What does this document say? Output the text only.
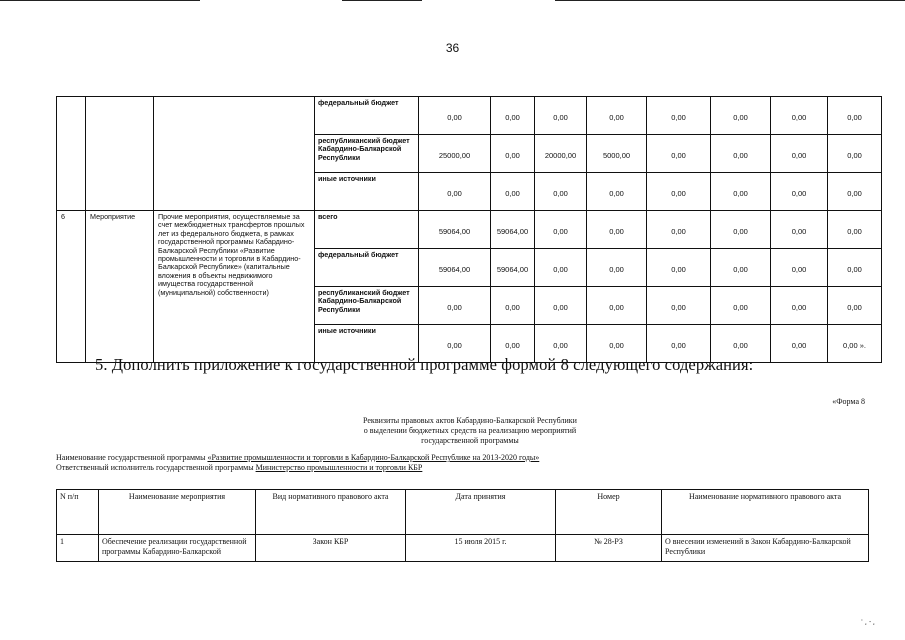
36
			федеральный бюджет	0,00	0,00	0,00	0,00	0,00	0,00	0,00	0,00
			республиканский бюджет Кабардино-Балкарской Республики	25000,00	0,00	20000,00	5000,00	0,00	0,00	0,00	0,00
			иные источники	0,00	0,00	0,00	0,00	0,00	0,00	0,00	0,00
6	Мероприятие	Прочие мероприятия, осуществляемые за счет межбюджетных трансфертов прошлых лет из федерального бюджета, в рамках государственной программы Кабардино-Балкарской Республики «Развитие промышленности и торговли в Кабардино-Балкарской Республике» (капитальные вложения в объекты недвижимого имущества государственной (муниципальной) собственности)	всего	59064,00	59064,00	0,00	0,00	0,00	0,00	0,00	0,00
			федеральный бюджет	59064,00	59064,00	0,00	0,00	0,00	0,00	0,00	0,00
			республиканский бюджет Кабардино-Балкарской Республики	0,00	0,00	0,00	0,00	0,00	0,00	0,00	0,00
			иные источники	0,00	0,00	0,00	0,00	0,00	0,00	0,00	0,00 ».
5. Дополнить приложение к государственной программе формой 8 следующего содержания:
«Форма 8
Реквизиты правовых актов Кабардино-Балкарской Республики
о выделении бюджетных средств на реализацию мероприятий
государственной программы
Наименование государственной программы «Развитие промышленности и торговли в Кабардино-Балкарской Республике на 2013-2020 годы»
Ответственный исполнитель государственной программы Министерство промышленности и торговли КБР
N п/п	Наименование мероприятия	Вид нормативного правового акта	Дата принятия	Номер	Наименование нормативного правового акта
1	Обеспечение реализации государственной программы Кабардино-Балкарской	Закон КБР	15 июля 2015 г.	№ 28-РЗ	О внесении изменений в Закон Кабардино-Балкарской Республики
⋅ ⸼ ⸳ ⸼
